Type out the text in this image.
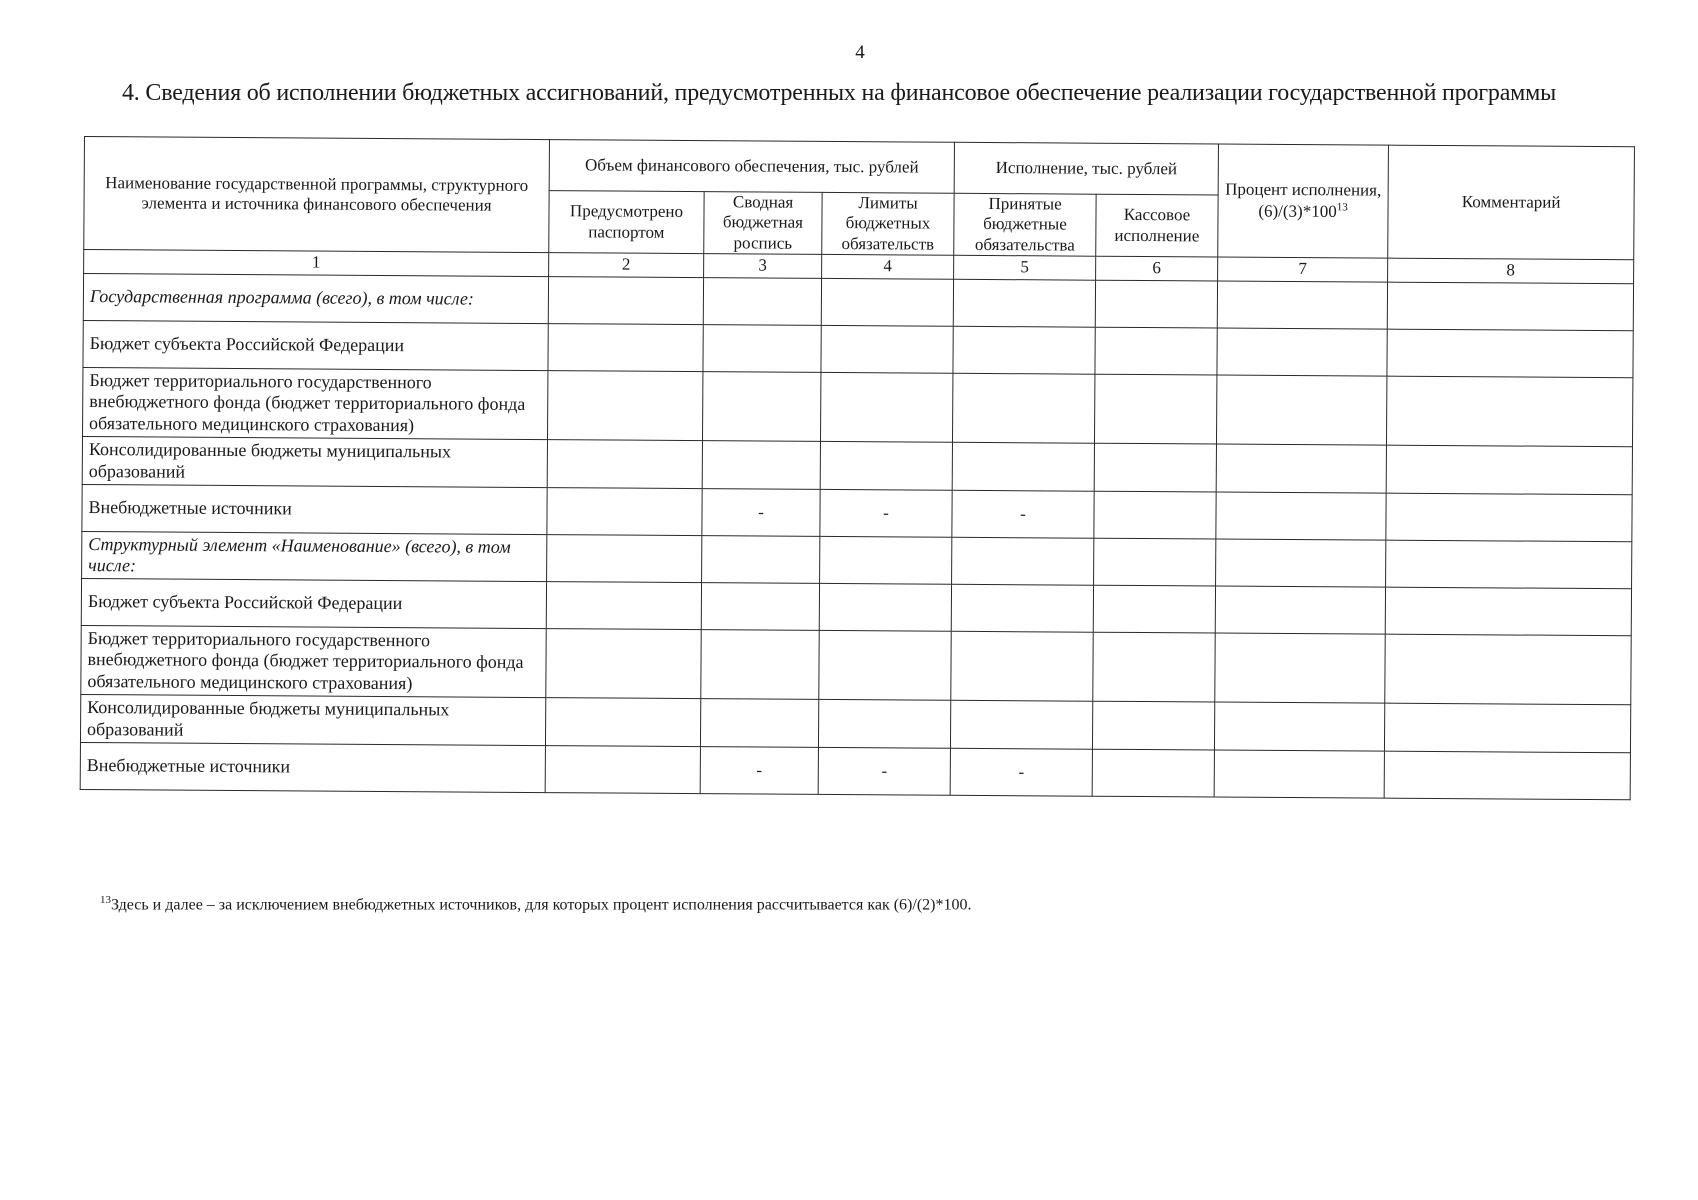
4
4. Сведения об исполнении бюджетных ассигнований, предусмотренных на финансовое обеспечение реализации государственной программы
Наименование государственной программы, структурного элемента и источника финансового обеспечения	Объем финансового обеспечения, тыс. рублей			Исполнение, тыс. рублей		Процент исполнения, $(6)/(3)*100^{13}$	Комментарий
	Предусмотрено паспортом	Сводная бюджетная роспись	Лимиты бюджетных обязательств	Принятые бюджетные обязательства	Кассовое исполнение		
1	2	3	4	5	6	7	8
Государственная программа (всего), в том числе:							
Бюджет субъекта Российской Федерации							
Бюджет территориального государственного внебюджетного фонда (бюджет территориального фонда обязательного медицинского страхования)							
Консолидированные бюджеты муниципальных образований							
Внебюджетные источники		-	-	-			
Структурный элемент «Наименование» (всего), в том числе:							
Бюджет субъекта Российской Федерации							
Бюджет территориального государственного внебюджетного фонда (бюджет территориального фонда обязательного медицинского страхования)							
Консолидированные бюджеты муниципальных образований							
Внебюджетные источники		-	-	-			
$^{13}$Здесь и далее – за исключением внебюджетных источников, для которых процент исполнения рассчитывается как (6)/(2)*100.
